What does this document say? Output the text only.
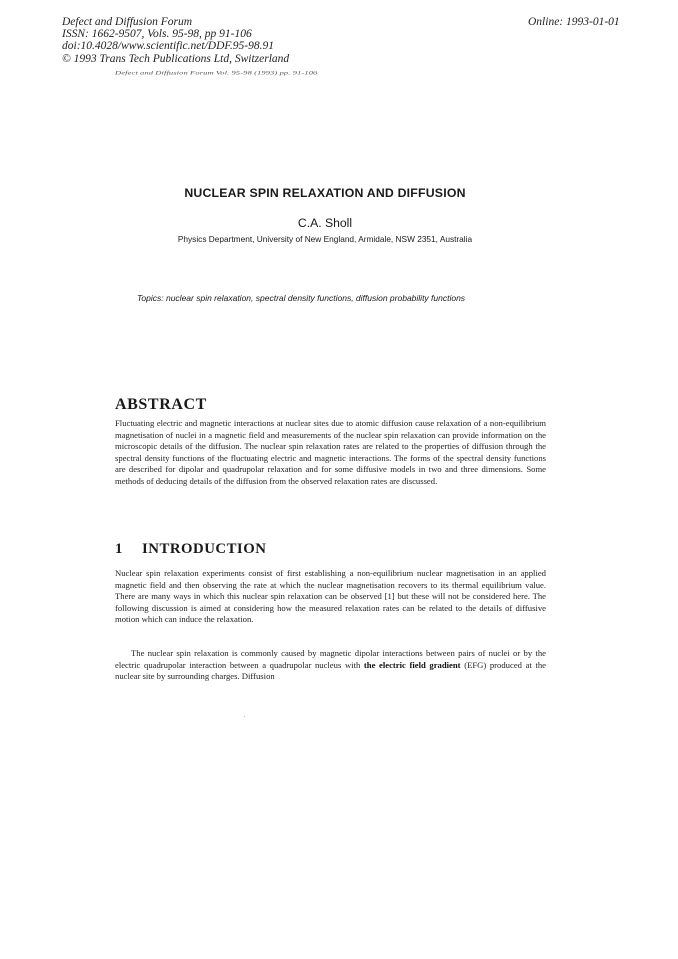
Defect and Diffusion Forum
ISSN: 1662-9507, Vols. 95-98, pp 91-106
doi:10.4028/www.scientific.net/DDF.95-98.91
© 1993 Trans Tech Publications Ltd, Switzerland
Online: 1993-01-01
Defect and Diffusion Forum Vol. 95-98 (1993) pp. 91-106
NUCLEAR SPIN RELAXATION AND DIFFUSION
C.A. Sholl
Physics Department, University of New England, Armidale, NSW 2351, Australia
Topics: nuclear spin relaxation, spectral density functions, diffusion probability functions
ABSTRACT
Fluctuating electric and magnetic interactions at nuclear sites due to atomic diffusion cause relaxation of a non-equilibrium magnetisation of nuclei in a magnetic field and measurements of the nuclear spin relaxation can provide information on the microscopic details of the diffusion. The nuclear spin relaxation rates are related to the properties of diffusion through the spectral density functions of the fluctuating electric and magnetic interactions. The forms of the spectral density functions are described for dipolar and quadrupolar relaxation and for some diffusive models in two and three dimensions. Some methods of deducing details of the diffusion from the observed relaxation rates are discussed.
1 INTRODUCTION
Nuclear spin relaxation experiments consist of first establishing a non-equilibrium nuclear magnetisation in an applied magnetic field and then observing the rate at which the nuclear magnetisation recovers to its thermal equilibrium value. There are many ways in which this nuclear spin relaxation can be observed [1] but these will not be considered here. The following discussion is aimed at considering how the measured relaxation rates can be related to the details of diffusive motion which can induce the relaxation.
The nuclear spin relaxation is commonly caused by magnetic dipolar interactions between pairs of nuclei or by the electric quadrupolar interaction between a quadrupolar nucleus with the electric field gradient (EFG) produced at the nuclear site by surrounding charges. Diffusion
